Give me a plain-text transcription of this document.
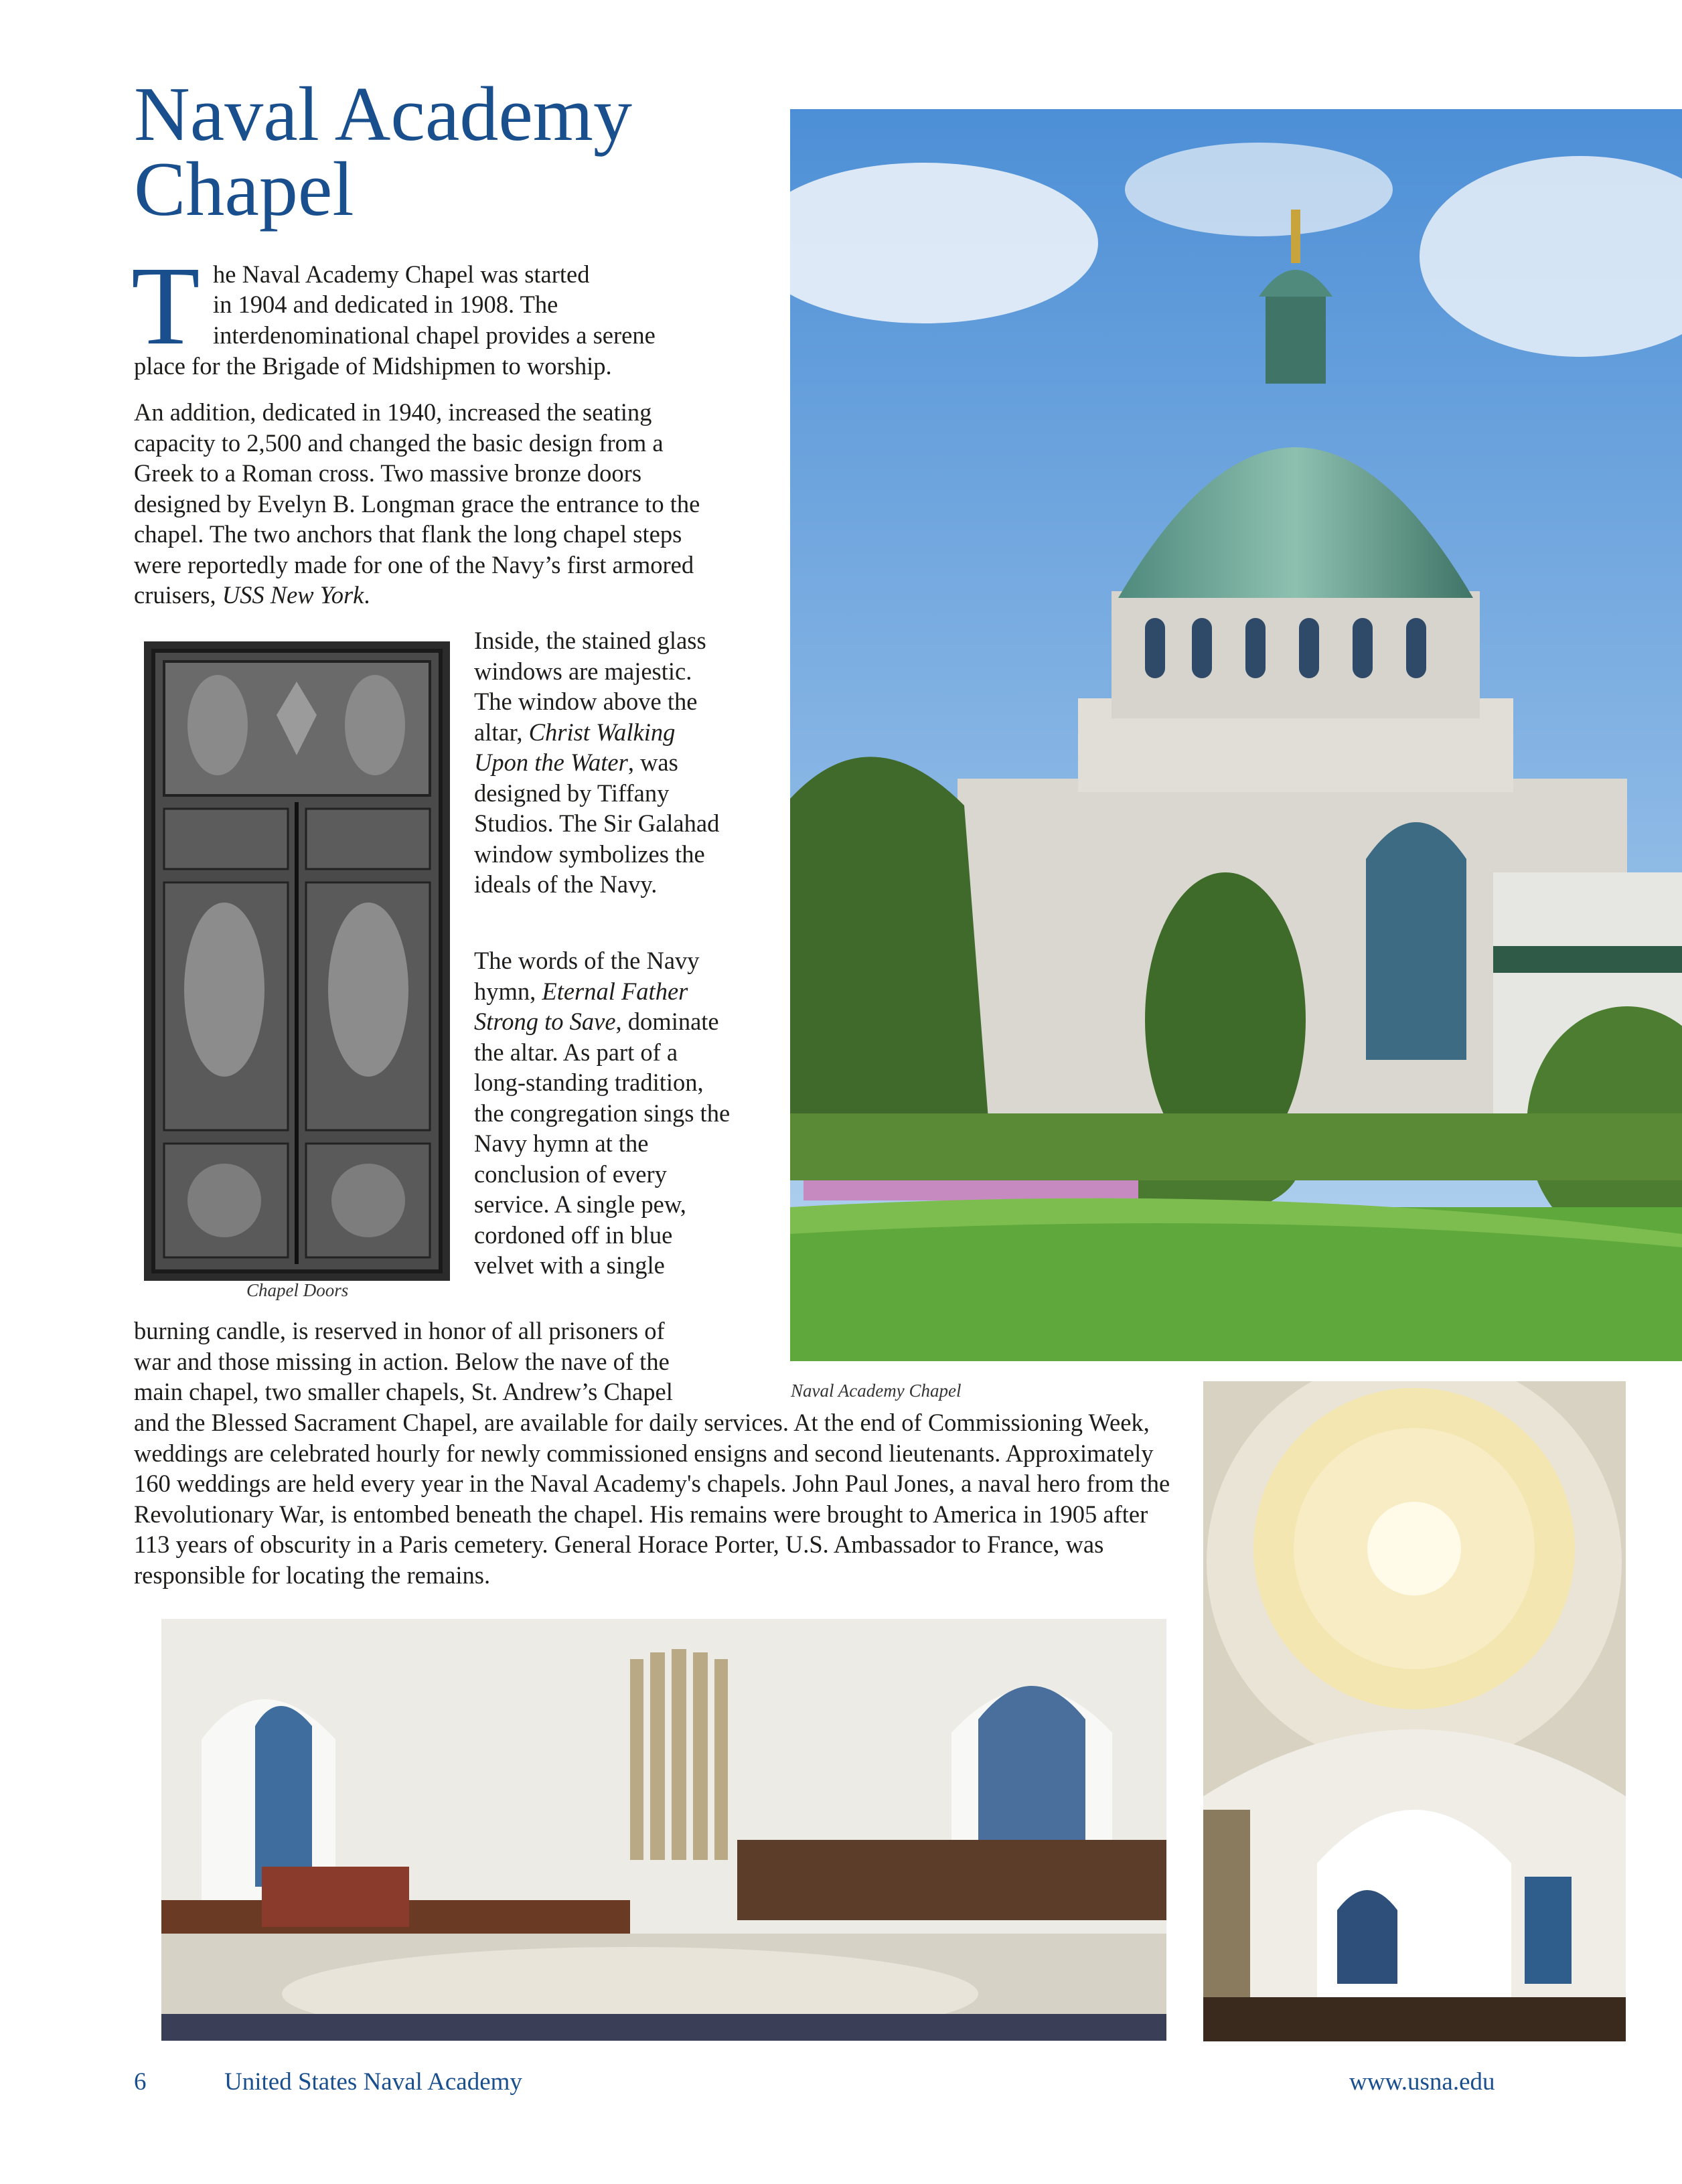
Naval Academy
Chapel
T he Naval Academy Chapel was started
in 1904 and dedicated in 1908. The
interdenominational chapel provides a serene
place for the Brigade of Midshipmen to worship.

An addition, dedicated in 1940, increased the seating capacity to 2,500 and changed the basic design from a Greek to a Roman cross. Two massive bronze doors designed by Evelyn B. Longman grace the entrance to the chapel. The two anchors that flank the long chapel steps were reportedly made for one of the Navy’s first armored cruisers, USS New York.

Chapel Doors

Inside, the stained glass windows are majestic. The window above the altar, Christ Walking Upon the Water, was designed by Tiffany Studios. The Sir Galahad window symbolizes the ideals of the Navy.

The words of the Navy hymn, Eternal Father Strong to Save, dominate the altar. As part of a long-standing tradition, the congregation sings the Navy hymn at the conclusion of every service. A single pew, cordoned off in blue velvet with a single

burning candle, is reserved in honor of all prisoners of
war and those missing in action. Below the nave of the
main chapel, two smaller chapels, St. Andrew’s Chapel

and the Blessed Sacrament Chapel, are available for daily services. At the end of Commissioning Week, weddings are celebrated hourly for newly commissioned ensigns and second lieutenants. Approximately 160 weddings are held every year in the Naval Academy's chapels. John Paul Jones, a naval hero from the Revolutionary War, is entombed beneath the chapel. His remains were brought to America in 1905 after 113 years of obscurity in a Paris cemetery. General Horace Porter, U.S. Ambassador to France, was responsible for locating the remains.

Naval Academy Chapel
6	United States Naval Academy	www.usna.edu
